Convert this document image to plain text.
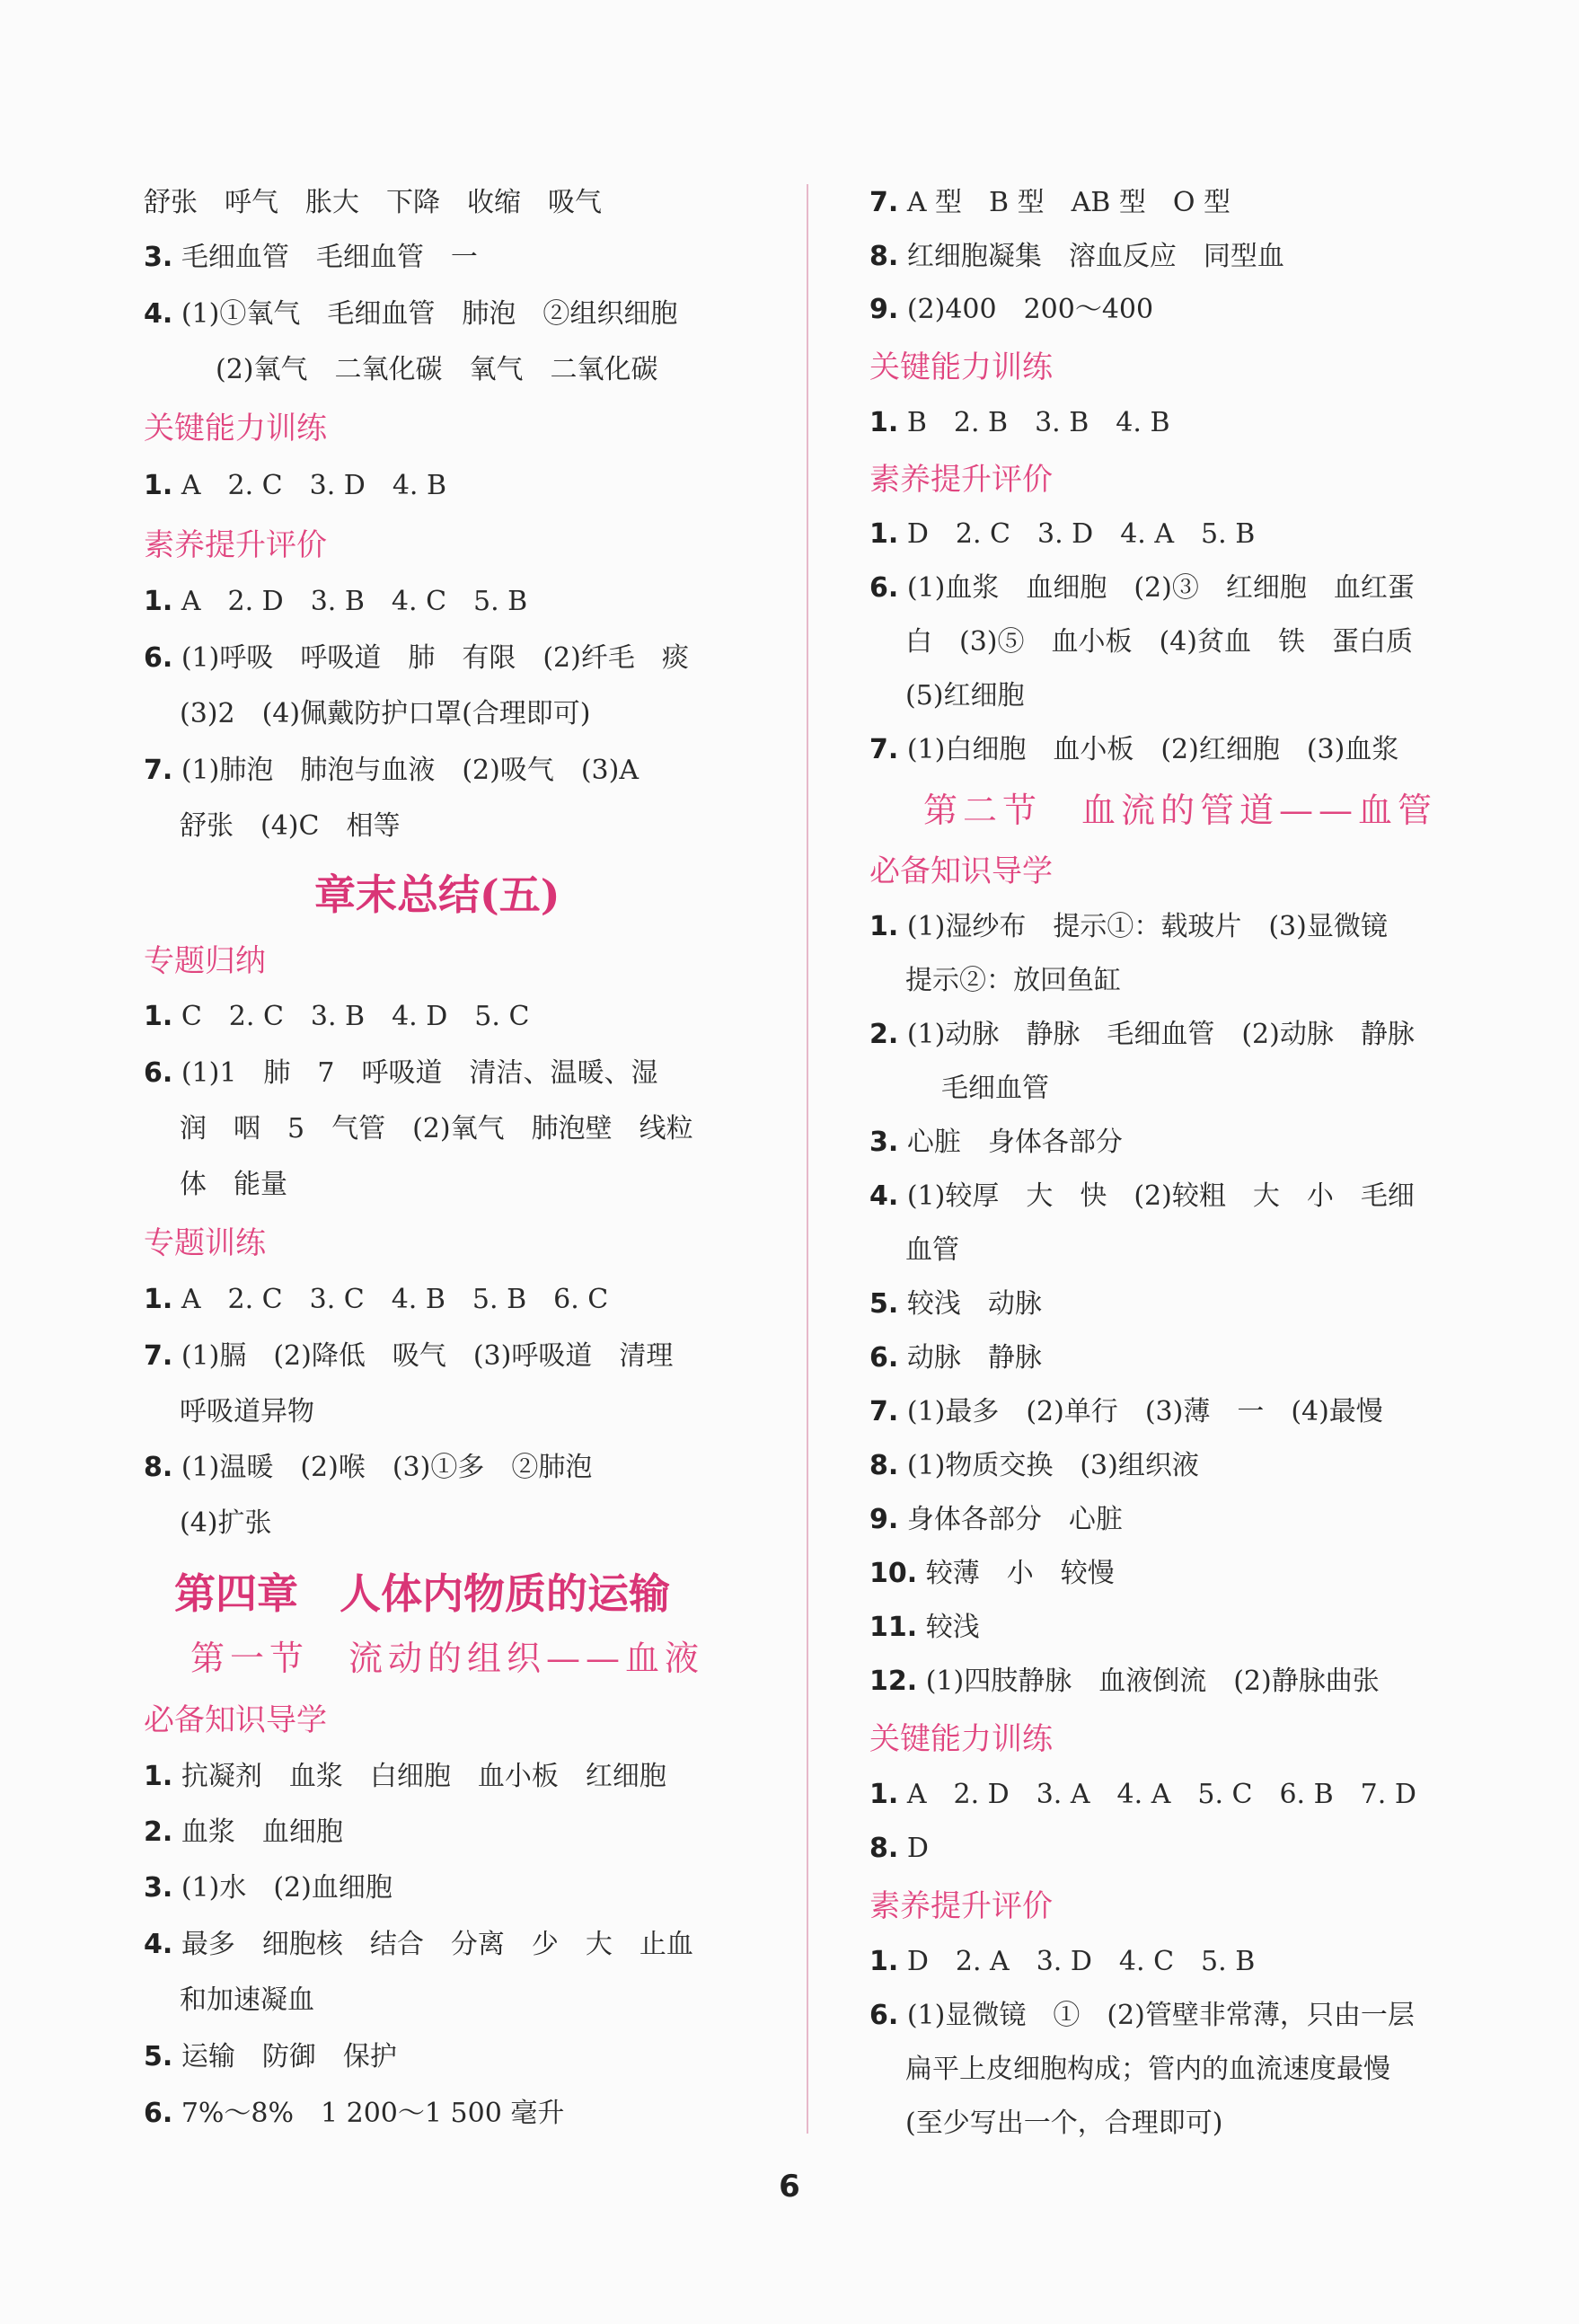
舒张　呼气　胀大　下降　收缩　吸气
3. 毛细血管　毛细血管　一
4. (1)①氧气　毛细血管　肺泡　②组织细胞
(2)氧气　二氧化碳　氧气　二氧化碳
关键能力训练
1. A　2. C　3. D　4. B
素养提升评价
1. A　2. D　3. B　4. C　5. B
6. (1)呼吸　呼吸道　肺　有限　(2)纤毛　痰
(3)2　(4)佩戴防护口罩(合理即可)
7. (1)肺泡　肺泡与血液　(2)吸气　(3)A
舒张　(4)C　相等
章末总结(五)
专题归纳
1. C　2. C　3. B　4. D　5. C
6. (1)1　肺　7　呼吸道　清洁、温暖、湿
润　咽　5　气管　(2)氧气　肺泡壁　线粒
体　能量
专题训练
1. A　2. C　3. C　4. B　5. B　6. C
7. (1)膈　(2)降低　吸气　(3)呼吸道　清理
呼吸道异物
8. (1)温暖　(2)喉　(3)①多　②肺泡
(4)扩张
第四章　人体内物质的运输
第一节　流动的组织——血液
必备知识导学
1. 抗凝剂　血浆　白细胞　血小板　红细胞
2. 血浆　血细胞
3. (1)水　(2)血细胞
4. 最多　细胞核　结合　分离　少　大　止血
和加速凝血
5. 运输　防御　保护
6. 7%～8%　1 200～1 500 毫升
7. A 型　B 型　AB 型　O 型
8. 红细胞凝集　溶血反应　同型血
9. (2)400　200～400
关键能力训练
1. B　2. B　3. B　4. B
素养提升评价
1. D　2. C　3. D　4. A　5. B
6. (1)血浆　血细胞　(2)③　红细胞　血红蛋
白　(3)⑤　血小板　(4)贫血　铁　蛋白质
(5)红细胞
7. (1)白细胞　血小板　(2)红细胞　(3)血浆
第二节　血流的管道——血管
必备知识导学
1. (1)湿纱布　提示①：载玻片　(3)显微镜
提示②：放回鱼缸
2. (1)动脉　静脉　毛细血管　(2)动脉　静脉
毛细血管
3. 心脏　身体各部分
4. (1)较厚　大　快　(2)较粗　大　小　毛细
血管
5. 较浅　动脉
6. 动脉　静脉
7. (1)最多　(2)单行　(3)薄　一　(4)最慢
8. (1)物质交换　(3)组织液
9. 身体各部分　心脏
10. 较薄　小　较慢
11. 较浅
12. (1)四肢静脉　血液倒流　(2)静脉曲张
关键能力训练
1. A　2. D　3. A　4. A　5. C　6. B　7. D
8. D
素养提升评价
1. D　2. A　3. D　4. C　5. B
6. (1)显微镜　①　(2)管壁非常薄，只由一层
扁平上皮细胞构成；管内的血流速度最慢
(至少写出一个，合理即可)
6
